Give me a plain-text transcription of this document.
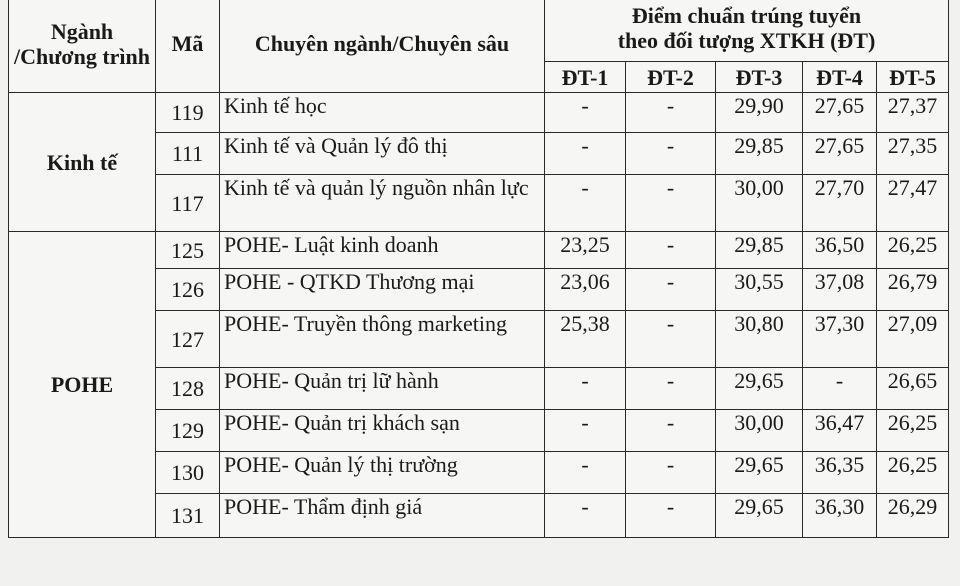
Ngành /Chương trình	Mã	Chuyên ngành/Chuyên sâu	Điểm chuẩn trúng tuyển
theo đối tượng XTKH (ĐT)				

			ĐT-1	ĐT-2	ĐT-3	ĐT-4	ĐT-5
Kinh tế	119	Kinh tế học	-	-	29,90	27,65	27,37
	111	Kinh tế và Quản lý đô thị	-	-	29,85	27,65	27,35
	117	Kinh tế và quản lý nguồn nhân lực	-	-	30,00	27,70	27,47
POHE	125	POHE- Luật kinh doanh	23,25	-	29,85	36,50	26,25
	126	POHE - QTKD Thương mại	23,06	-	30,55	37,08	26,79
	127	POHE- Truyền thông marketing	25,38	-	30,80	37,30	27,09
	128	POHE- Quản trị lữ hành	-	-	29,65	-	26,65
	129	POHE- Quản trị khách sạn	-	-	30,00	36,47	26,25
	130	POHE- Quản lý thị trường	-	-	29,65	36,35	26,25
	131	POHE- Thẩm định giá	-	-	29,65	36,30	26,29
